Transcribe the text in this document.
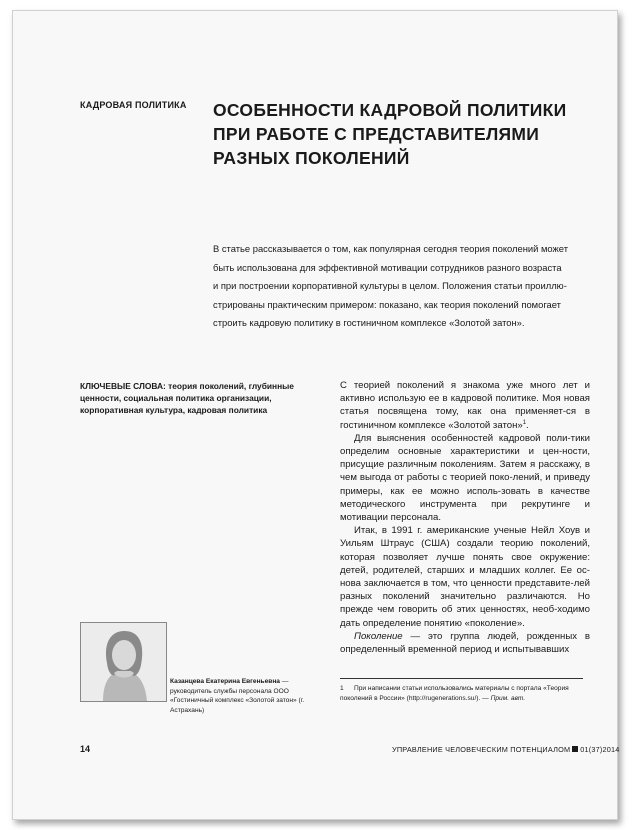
КАДРОВАЯ ПОЛИТИКА ОСОБЕННОСТИ КАДРОВОЙ ПОЛИТИКИ
ПРИ РАБОТЕ С ПРЕДСТАВИТЕЛЯМИ
РАЗНЫХ ПОКОЛЕНИЙ
В статье рассказывается о том, как популярная сегодня теория поколений может
быть использована для эффективной мотивации сотрудников разного возраста
и при построении корпоративной культуры в целом. Положения статьи проиллю-
стрированы практическим примером: показано, как теория поколений помогает
строить кадровую политику в гостиничном комплексе «Золотой затон».
КЛЮЧЕВЫЕ СЛОВА: теория поколений, глубинные ценности, социальная политика организации, корпоративная культура, кадровая политика

С теорией поколений я знакома уже много лет и активно использую ее в кадровой политике. Моя новая статья посвящена тому, как она применяет-ся в гостиничном комплексе «Золотой затон»$^1$.

Для выяснения особенностей кадровой поли-тики определим основные характеристики и цен-ности, присущие различным поколениям. Затем я расскажу, в чем выгода от работы с теорией поко-лений, и приведу примеры, как ее можно исполь-зовать в качестве методического инструмента при рекрутинге и мотивации персонала.

Итак, в 1991 г. американские ученые Нейл Хоув и Уильям Штраус (США) создали теорию поколений, которая позволяет лучше понять свое окружение: детей, родителей, старших и младших коллег. Ее ос-нова заключается в том, что ценности представите-лей разных поколений значительно различаются. Но прежде чем говорить об этих ценностях, необ-ходимо дать определение понятию «поколение».

Поколение — это группа людей, рожденных в определенный временной период и испытывавших

Казанцева Екатерина Евгеньевна — руководитель службы персонала ООО «Гостиничный комплекс «Золотой затон» (г. Астрахань)
1 При написании статьи использовались материалы с портала «Теория поколений в России» (http://rugenerations.su/). — Прим. авт.
14	УПРАВЛЕНИЕ ЧЕЛОВЕЧЕСКИМ ПОТЕНЦИАЛОМ 01(37)2014
